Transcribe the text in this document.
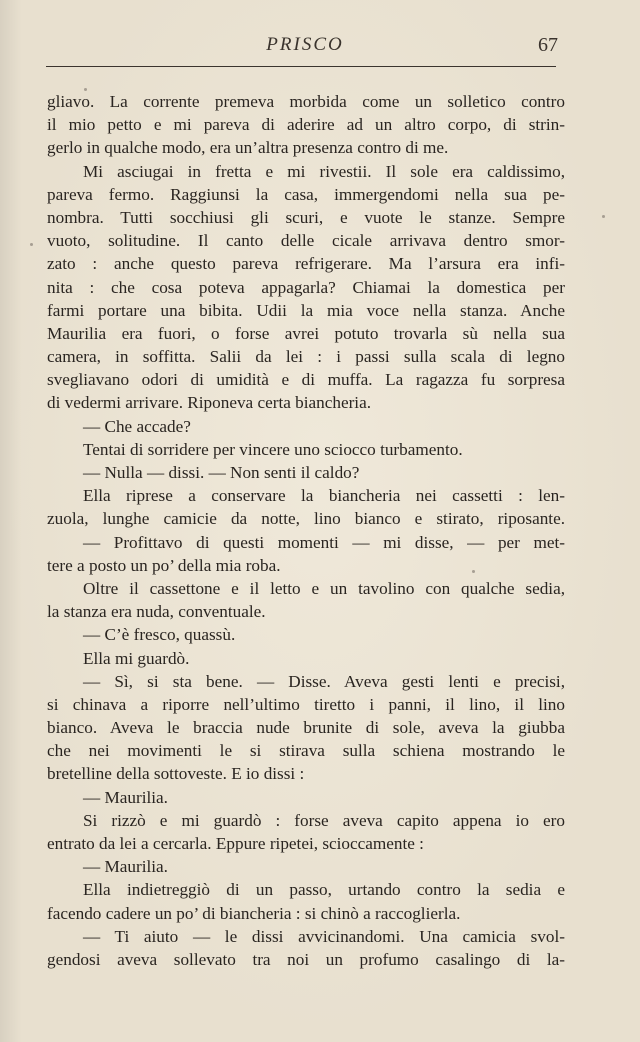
PRISCO	67
gliavo. La corrente premeva morbida come un solletico contro
il mio petto e mi pareva di aderire ad un altro corpo, di strin-
gerlo in qualche modo, era un’altra presenza contro di me.
Mi asciugai in fretta e mi rivestii. Il sole era caldissimo,
pareva fermo. Raggiunsi la casa, immergendomi nella sua pe-
nombra. Tutti socchiusi gli scuri, e vuote le stanze. Sempre
vuoto, solitudine. Il canto delle cicale arrivava dentro smor-
zato : anche questo pareva refrigerare. Ma l’arsura era infi-
nita : che cosa poteva appagarla? Chiamai la domestica per
farmi portare una bibita. Udii la mia voce nella stanza. Anche
Maurilia era fuori, o forse avrei potuto trovarla sù nella sua
camera, in soffitta. Salii da lei : i passi sulla scala di legno
svegliavano odori di umidità e di muffa. La ragazza fu sorpresa
di vedermi arrivare. Riponeva certa biancheria.
— Che accade?
Tentai di sorridere per vincere uno sciocco turbamento.
— Nulla — dissi. — Non senti il caldo?
Ella riprese a conservare la biancheria nei cassetti : len-
zuola, lunghe camicie da notte, lino bianco e stirato, riposante.
— Profittavo di questi momenti — mi disse, — per met-
tere a posto un po’ della mia roba.
Oltre il cassettone e il letto e un tavolino con qualche sedia,
la stanza era nuda, conventuale.
— C’è fresco, quassù.
Ella mi guardò.
— Sì, si sta bene. — Disse. Aveva gesti lenti e precisi,
si chinava a riporre nell’ultimo tiretto i panni, il lino, il lino
bianco. Aveva le braccia nude brunite di sole, aveva la giubba
che nei movimenti le si stirava sulla schiena mostrando le
bretelline della sottoveste. E io dissi :
— Maurilia.
Si rizzò e mi guardò : forse aveva capito appena io ero
entrato da lei a cercarla. Eppure ripetei, scioccamente :
— Maurilia.
Ella indietreggiò di un passo, urtando contro la sedia e
facendo cadere un po’ di biancheria : si chinò a raccoglierla.
— Ti aiuto — le dissi avvicinandomi. Una camicia svol-
gendosi aveva sollevato tra noi un profumo casalingo di la-
